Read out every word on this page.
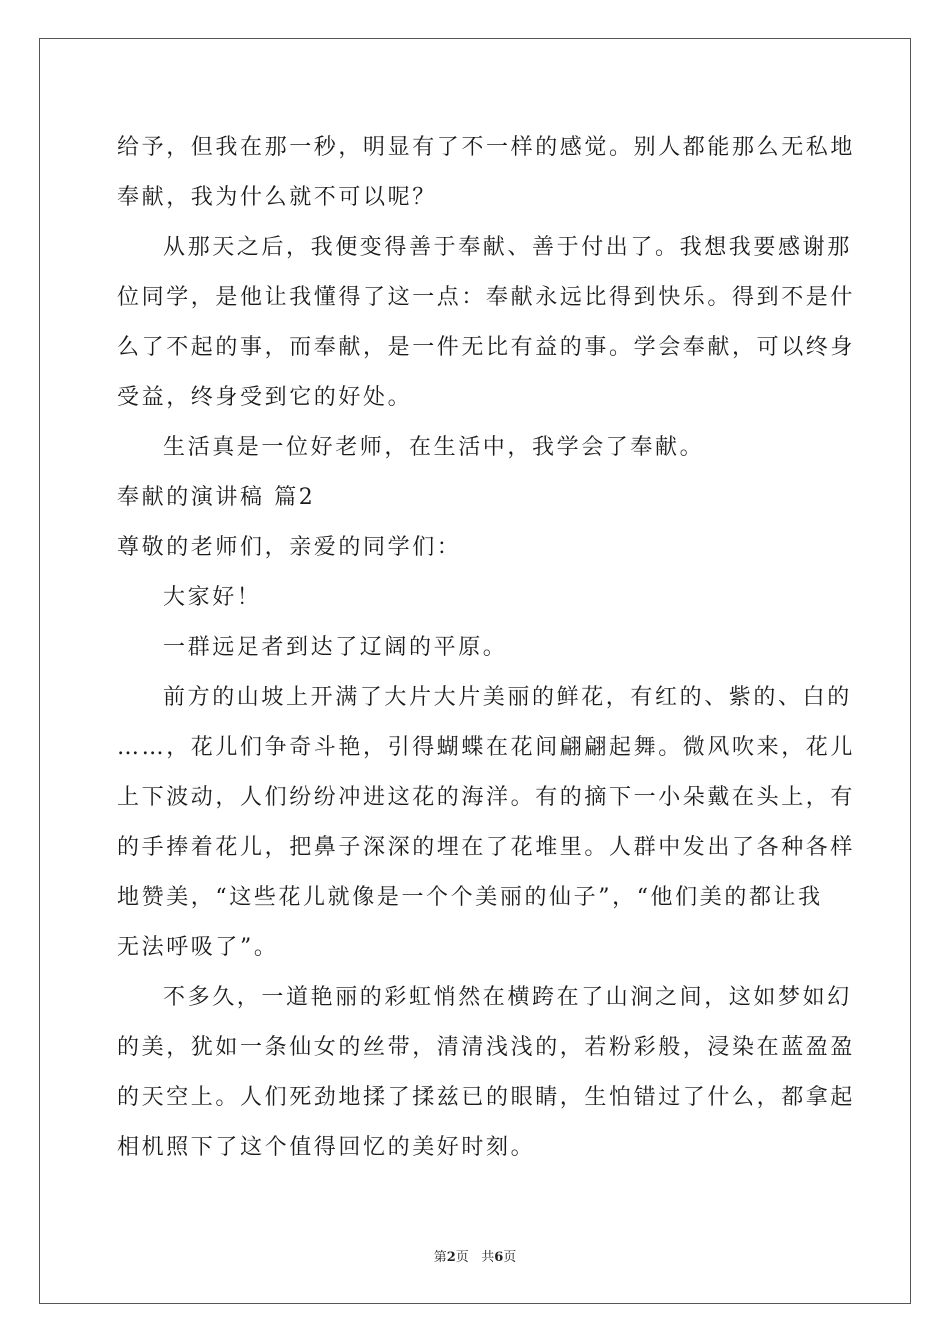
给予，但我在那一秒，明显有了不一样的感觉。别人都能那么无私地
奉献，我为什么就不可以呢？
从那天之后，我便变得善于奉献、善于付出了。我想我要感谢那
位同学，是他让我懂得了这一点：奉献永远比得到快乐。得到不是什
么了不起的事，而奉献，是一件无比有益的事。学会奉献，可以终身
受益，终身受到它的好处。
生活真是一位好老师，在生活中，我学会了奉献。
奉献的演讲稿 篇2
尊敬的老师们，亲爱的同学们：
大家好！
一群远足者到达了辽阔的平原。
前方的山坡上开满了大片大片美丽的鲜花，有红的、紫的、白的
……，花儿们争奇斗艳，引得蝴蝶在花间翩翩起舞。微风吹来，花儿
上下波动，人们纷纷冲进这花的海洋。有的摘下一小朵戴在头上，有
的手捧着花儿，把鼻子深深的埋在了花堆里。人群中发出了各种各样
地赞美，“这些花儿就像是一个个美丽的仙子”，“他们美的都让我
无法呼吸了”。
不多久，一道艳丽的彩虹悄然在横跨在了山涧之间，这如梦如幻
的美，犹如一条仙女的丝带，清清浅浅的，若粉彩般，浸染在蓝盈盈
的天空上。人们死劲地揉了揉兹已的眼睛，生怕错过了什么，都拿起
相机照下了这个值得回忆的美好时刻。
第2页 共6页
